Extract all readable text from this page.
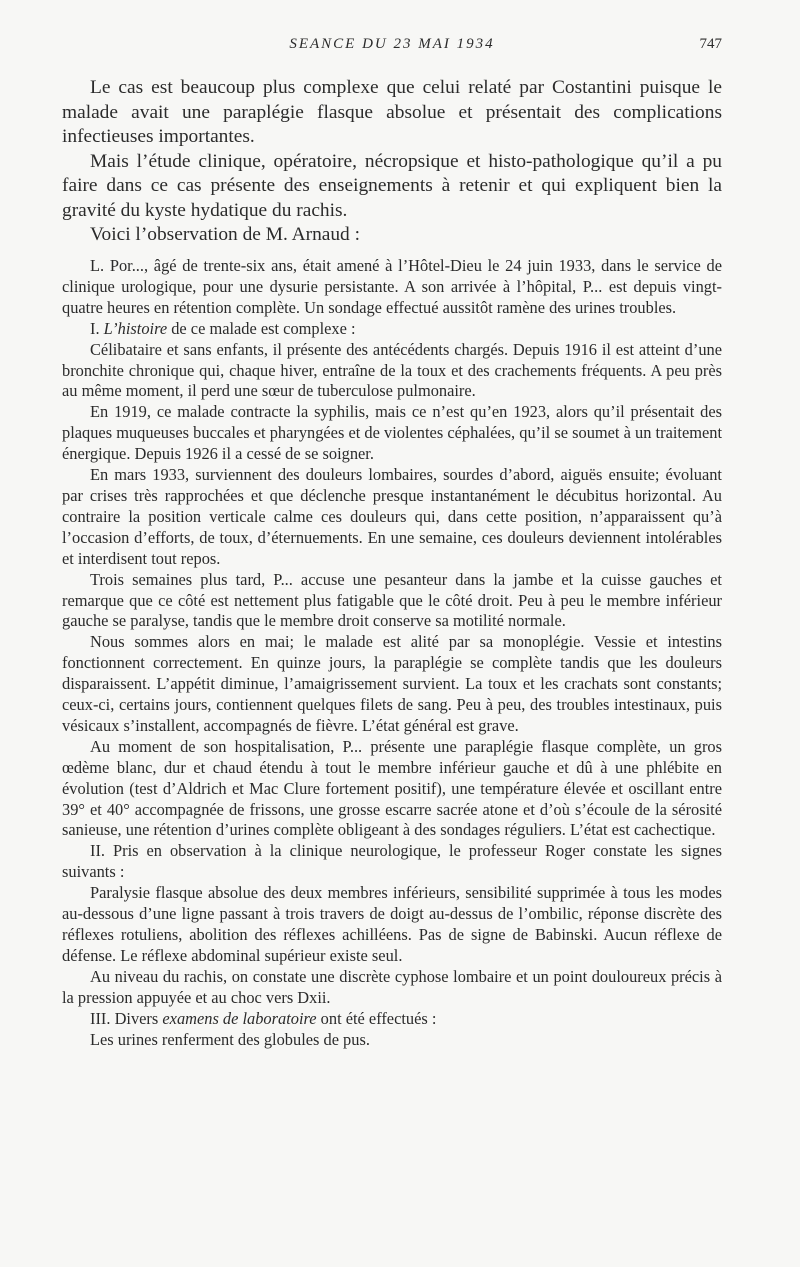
SEANCE DU 23 MAI 1934	747

Le cas est beaucoup plus complexe que celui relaté par Costantini puisque le malade avait une paraplégie flasque absolue et présentait des complications infectieuses importantes.

Mais l’étude clinique, opératoire, nécropsique et histo-pathologique qu’il a pu faire dans ce cas présente des enseignements à retenir et qui expliquent bien la gravité du kyste hydatique du rachis.

Voici l’observation de M. Arnaud :

L. Por..., âgé de trente-six ans, était amené à l’Hôtel-Dieu le 24 juin 1933, dans le service de clinique urologique, pour une dysurie persistante. A son arrivée à l’hôpital, P... est depuis vingt-quatre heures en rétention complète. Un sondage effectué aussitôt ramène des urines troubles.

I. L’histoire de ce malade est complexe :

Célibataire et sans enfants, il présente des antécédents chargés. Depuis 1916 il est atteint d’une bronchite chronique qui, chaque hiver, entraîne de la toux et des crachements fréquents. A peu près au même moment, il perd une sœur de tuberculose pulmonaire.

En 1919, ce malade contracte la syphilis, mais ce n’est qu’en 1923, alors qu’il présentait des plaques muqueuses buccales et pharyngées et de violentes céphalées, qu’il se soumet à un traitement énergique. Depuis 1926 il a cessé de se soigner.

En mars 1933, surviennent des douleurs lombaires, sourdes d’abord, aiguës ensuite; évoluant par crises très rapprochées et que déclenche presque instantanément le décubitus horizontal. Au contraire la position verticale calme ces douleurs qui, dans cette position, n’apparaissent qu’à l’occasion d’efforts, de toux, d’éternuements. En une semaine, ces douleurs deviennent intolérables et interdisent tout repos.

Trois semaines plus tard, P... accuse une pesanteur dans la jambe et la cuisse gauches et remarque que ce côté est nettement plus fatigable que le côté droit. Peu à peu le membre inférieur gauche se paralyse, tandis que le membre droit conserve sa motilité normale.

Nous sommes alors en mai; le malade est alité par sa monoplégie. Vessie et intestins fonctionnent correctement. En quinze jours, la paraplégie se complète tandis que les douleurs disparaissent. L’appétit diminue, l’amaigrissement survient. La toux et les crachats sont constants; ceux-ci, certains jours, contiennent quelques filets de sang. Peu à peu, des troubles intestinaux, puis vésicaux s’installent, accompagnés de fièvre. L’état général est grave.

Au moment de son hospitalisation, P... présente une paraplégie flasque complète, un gros œdème blanc, dur et chaud étendu à tout le membre inférieur gauche et dû à une phlébite en évolution (test d’Aldrich et Mac Clure fortement positif), une température élevée et oscillant entre 39° et 40° accompagnée de frissons, une grosse escarre sacrée atone et d’où s’écoule de la sérosité sanieuse, une rétention d’urines complète obligeant à des sondages réguliers. L’état est cachectique.

II. Pris en observation à la clinique neurologique, le professeur Roger constate les signes suivants :

Paralysie flasque absolue des deux membres inférieurs, sensibilité supprimée à tous les modes au-dessous d’une ligne passant à trois travers de doigt au-dessus de l’ombilic, réponse discrète des réflexes rotuliens, abolition des réflexes achilléens. Pas de signe de Babinski. Aucun réflexe de défense. Le réflexe abdominal supérieur existe seul.

Au niveau du rachis, on constate une discrète cyphose lombaire et un point douloureux précis à la pression appuyée et au choc vers Dxii.

III. Divers examens de laboratoire ont été effectués :

Les urines renferment des globules de pus.
